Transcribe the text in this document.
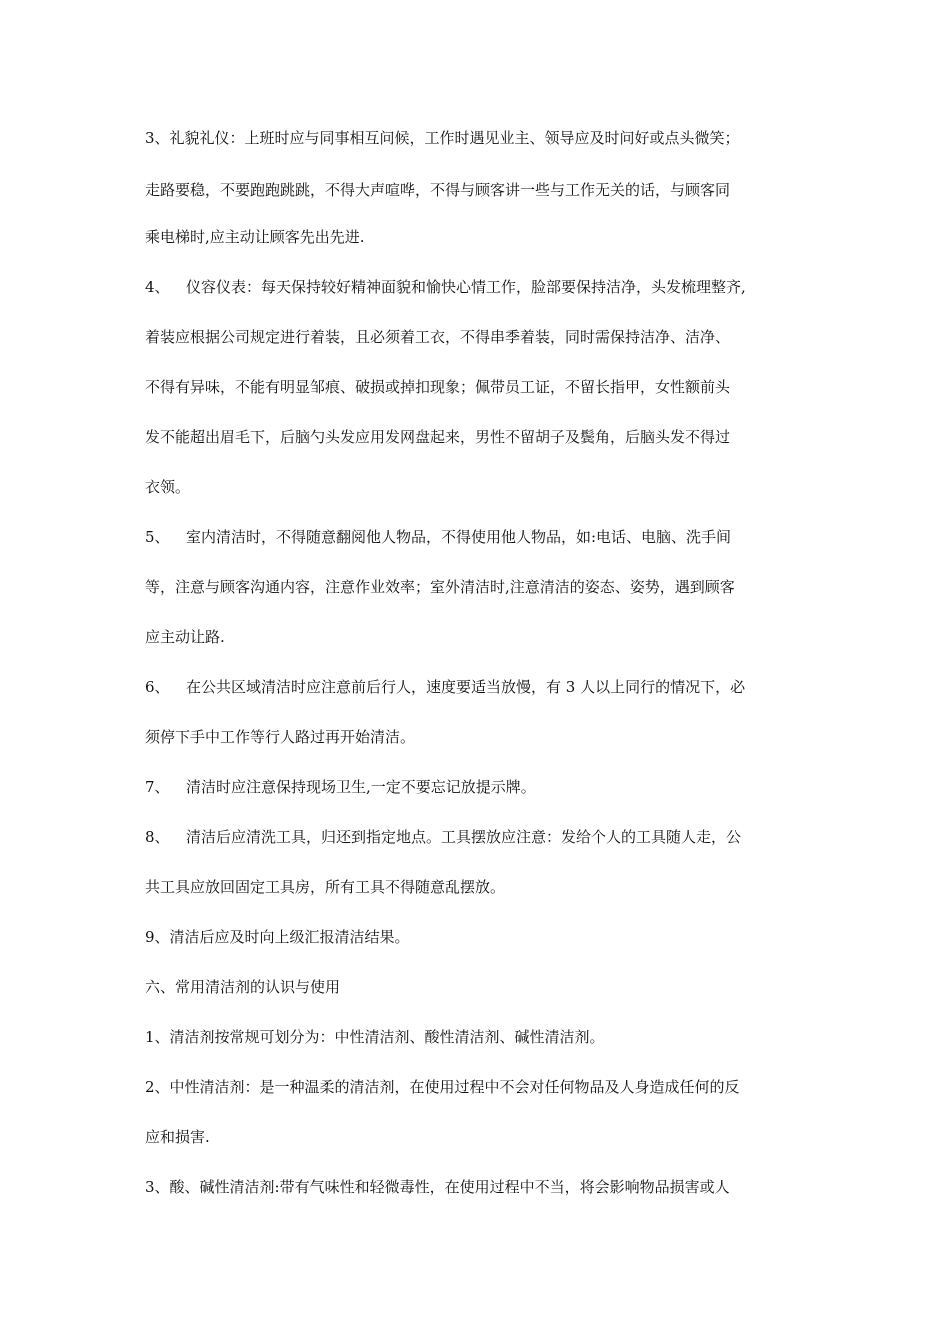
3、礼貌礼仪：上班时应与同事相互问候，工作时遇见业主、领导应及时问好或点头微笑；
走路要稳，不要跑跑跳跳，不得大声喧哗，不得与顾客讲一些与工作无关的话，与顾客同
乘电梯时,应主动让顾客先出先进.
4、 仪容仪表：每天保持较好精神面貌和愉快心情工作，脸部要保持洁净，头发梳理整齐,
着装应根据公司规定进行着装，且必须着工衣，不得串季着装，同时需保持洁净、洁净、
不得有异味，不能有明显邹痕、破损或掉扣现象；佩带员工证，不留长指甲，女性额前头
发不能超出眉毛下，后脑勺头发应用发网盘起来，男性不留胡子及鬓角，后脑头发不得过
衣领。
5、 室内清洁时，不得随意翻阅他人物品，不得使用他人物品，如:电话、电脑、洗手间
等，注意与顾客沟通内容，注意作业效率；室外清洁时,注意清洁的姿态、姿势，遇到顾客
应主动让路.
6、 在公共区域清洁时应注意前后行人，速度要适当放慢，有 3 人以上同行的情况下，必
须停下手中工作等行人路过再开始清洁。
7、 清洁时应注意保持现场卫生,一定不要忘记放提示牌。
8、 清洁后应清洗工具，归还到指定地点。工具摆放应注意：发给个人的工具随人走，公
共工具应放回固定工具房，所有工具不得随意乱摆放。
9、清洁后应及时向上级汇报清洁结果。
六、常用清洁剂的认识与使用
1、清洁剂按常规可划分为：中性清洁剂、酸性清洁剂、碱性清洁剂。
2、中性清洁剂：是一种温柔的清洁剂，在使用过程中不会对任何物品及人身造成任何的反
应和损害.
3、酸、碱性清洁剂:带有气味性和轻微毒性，在使用过程中不当，将会影响物品损害或人
